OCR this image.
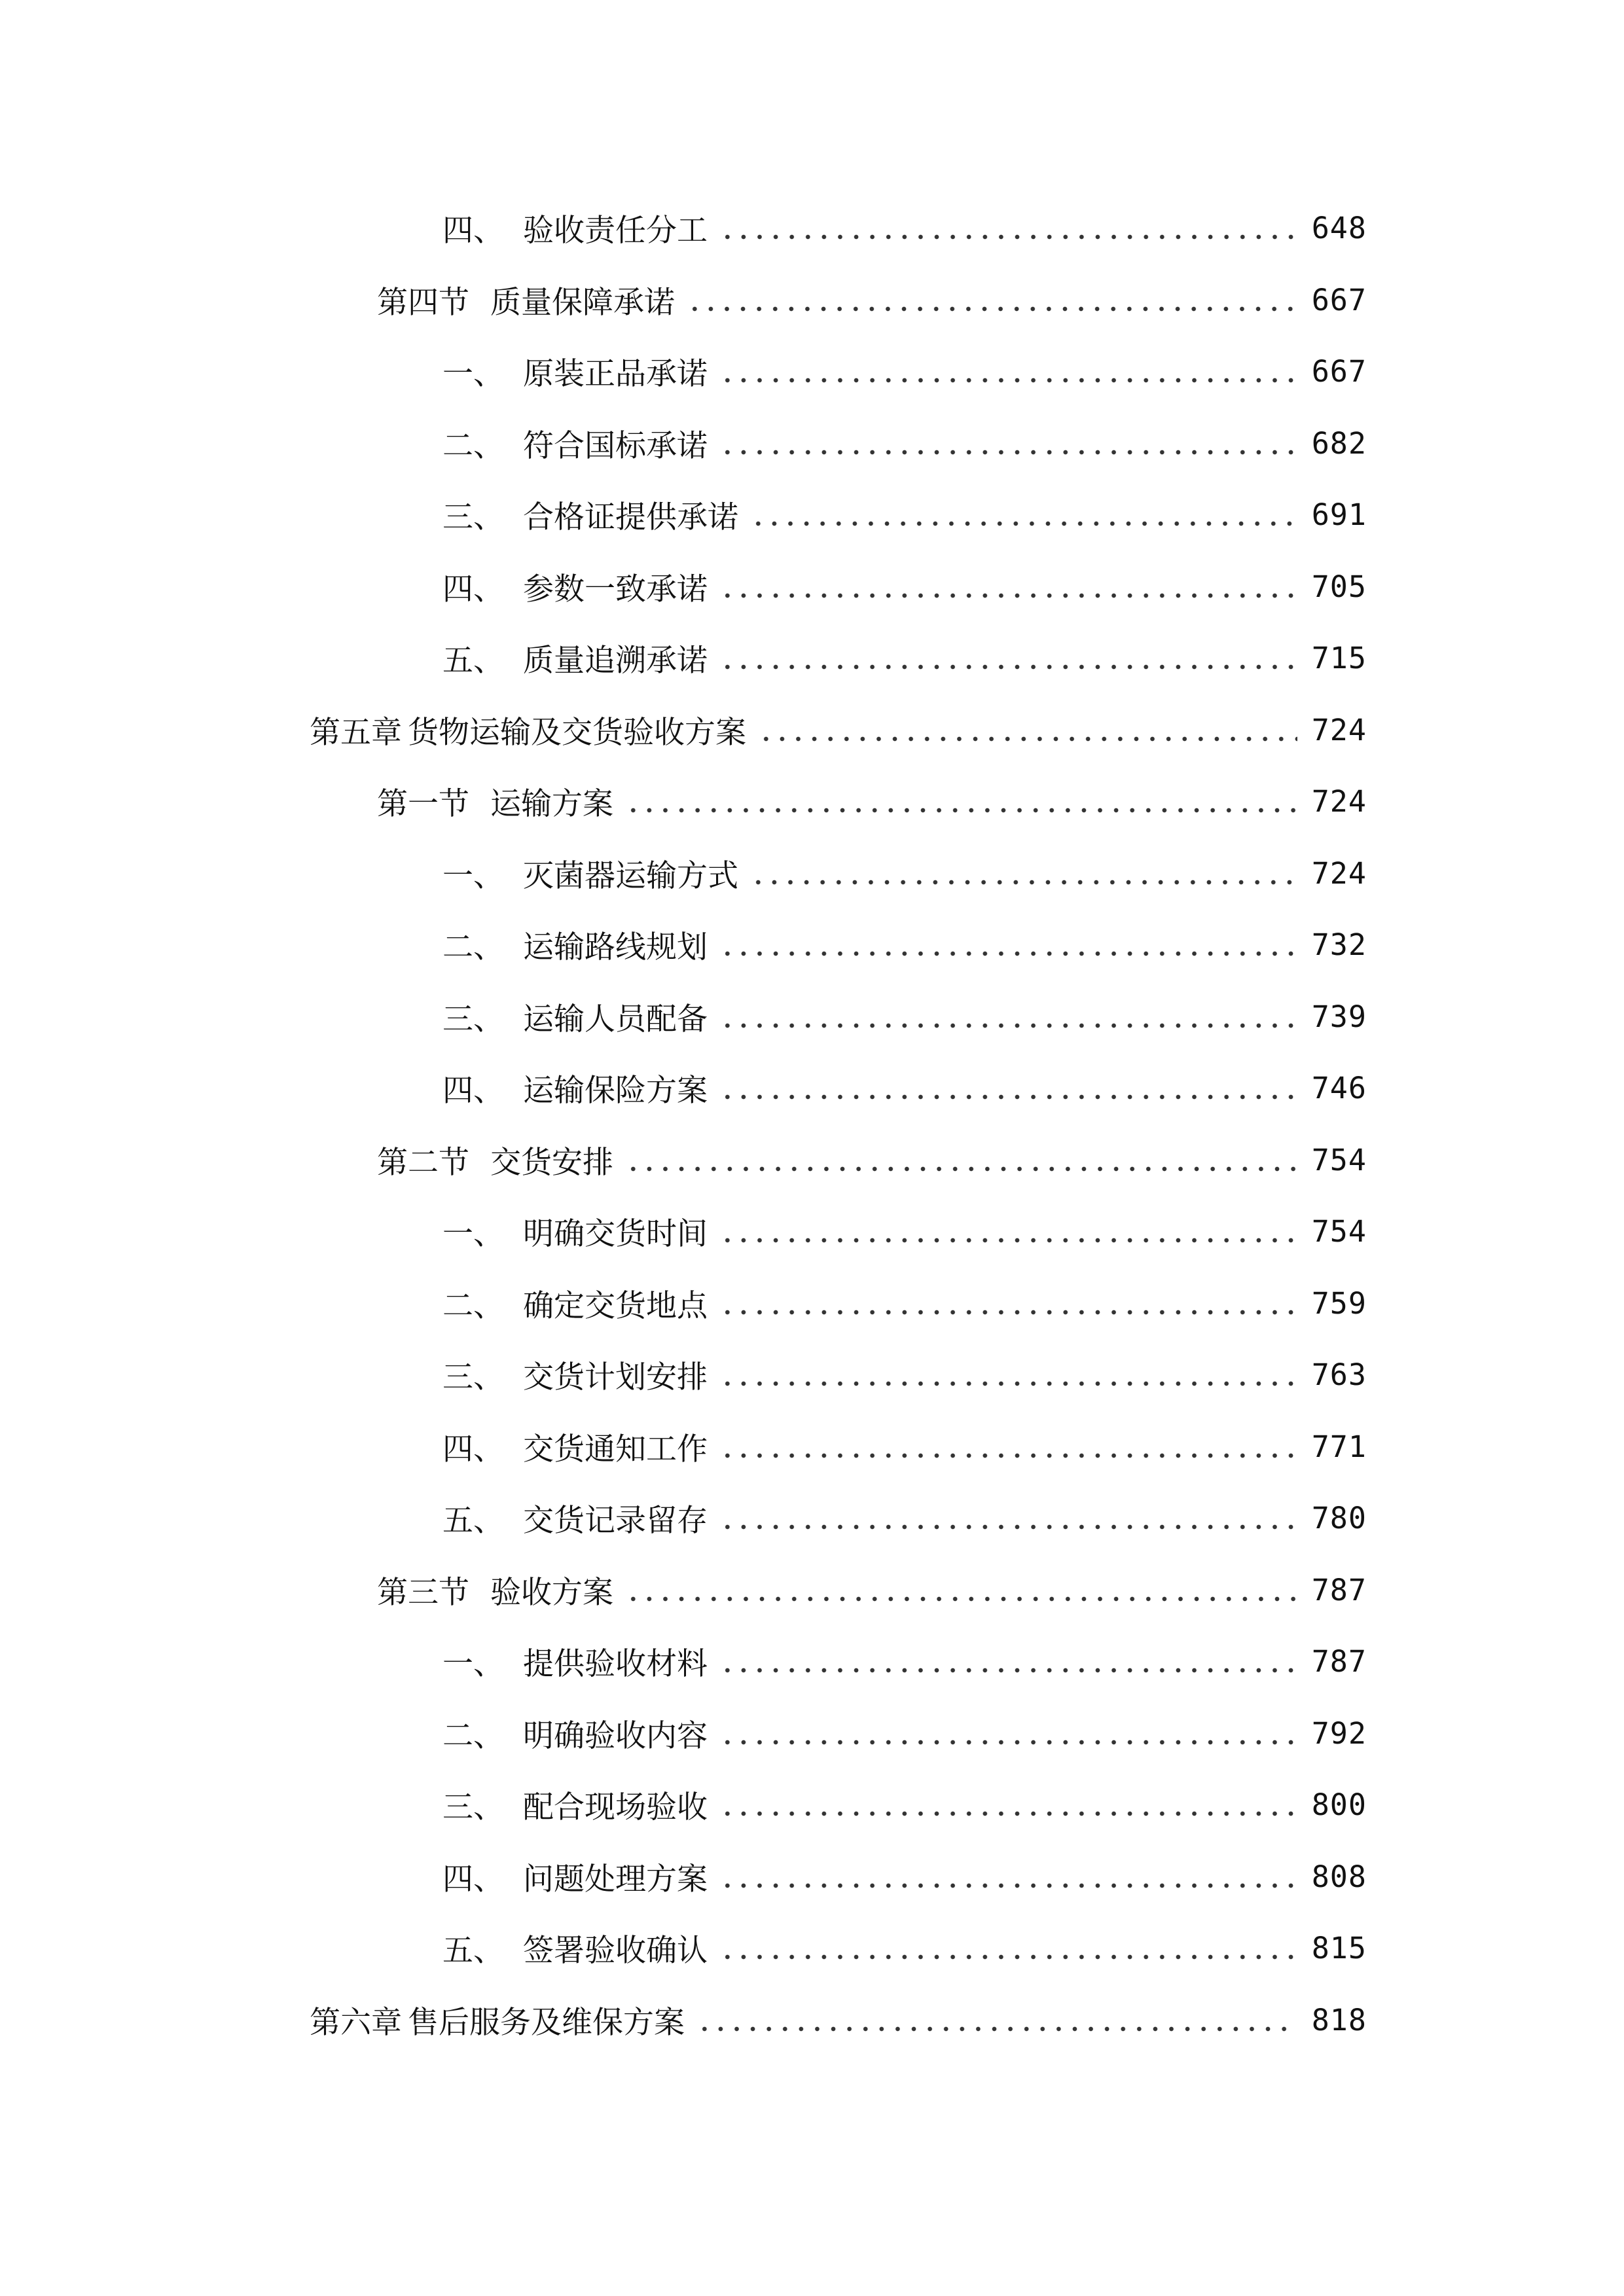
四、 验收责任分工	648
第四节 质量保障承诺	667
一、 原装正品承诺	667
二、 符合国标承诺	682
三、 合格证提供承诺	691
四、 参数一致承诺	705
五、 质量追溯承诺	715
第五章 货物运输及交货验收方案	724
第一节 运输方案	724
一、 灭菌器运输方式	724
二、 运输路线规划	732
三、 运输人员配备	739
四、 运输保险方案	746
第二节 交货安排	754
一、 明确交货时间	754
二、 确定交货地点	759
三、 交货计划安排	763
四、 交货通知工作	771
五、 交货记录留存	780
第三节 验收方案	787
一、 提供验收材料	787
二、 明确验收内容	792
三、 配合现场验收	800
四、 问题处理方案	808
五、 签署验收确认	815
第六章 售后服务及维保方案	818
